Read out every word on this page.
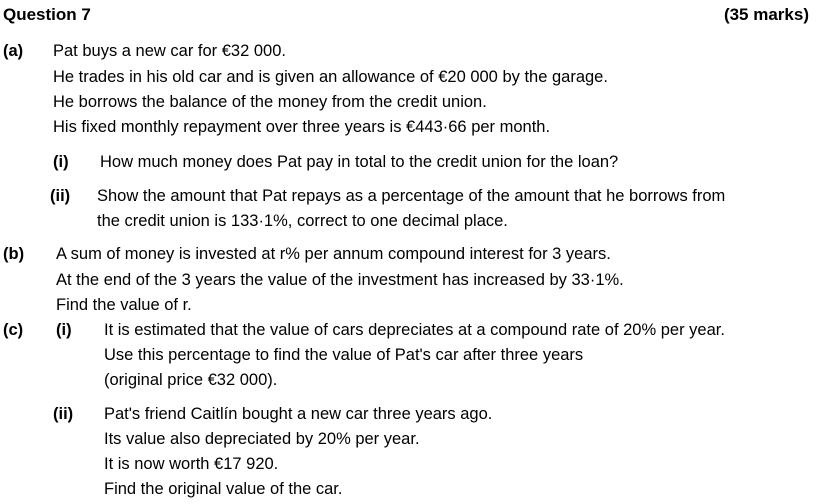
Question 7	(35 marks)
(a) Pat buys a new car for €32 000.
He trades in his old car and is given an allowance of €20 000 by the garage.
He borrows the balance of the money from the credit union.
His fixed monthly repayment over three years is €443·66 per month.
(i) How much money does Pat pay in total to the credit union for the loan?
(ii) Show the amount that Pat repays as a percentage of the amount that he borrows from
the credit union is 133·1%, correct to one decimal place.
(b) A sum of money is invested at r% per annum compound interest for 3 years.
At the end of the 3 years the value of the investment has increased by 33·1%.
Find the value of r.
(c) (i) It is estimated that the value of cars depreciates at a compound rate of 20% per year.
Use this percentage to find the value of Pat's car after three years
(original price €32 000).
(ii) Pat's friend Caitlín bought a new car three years ago.
Its value also depreciated by 20% per year.
It is now worth €17 920.
Find the original value of the car.
